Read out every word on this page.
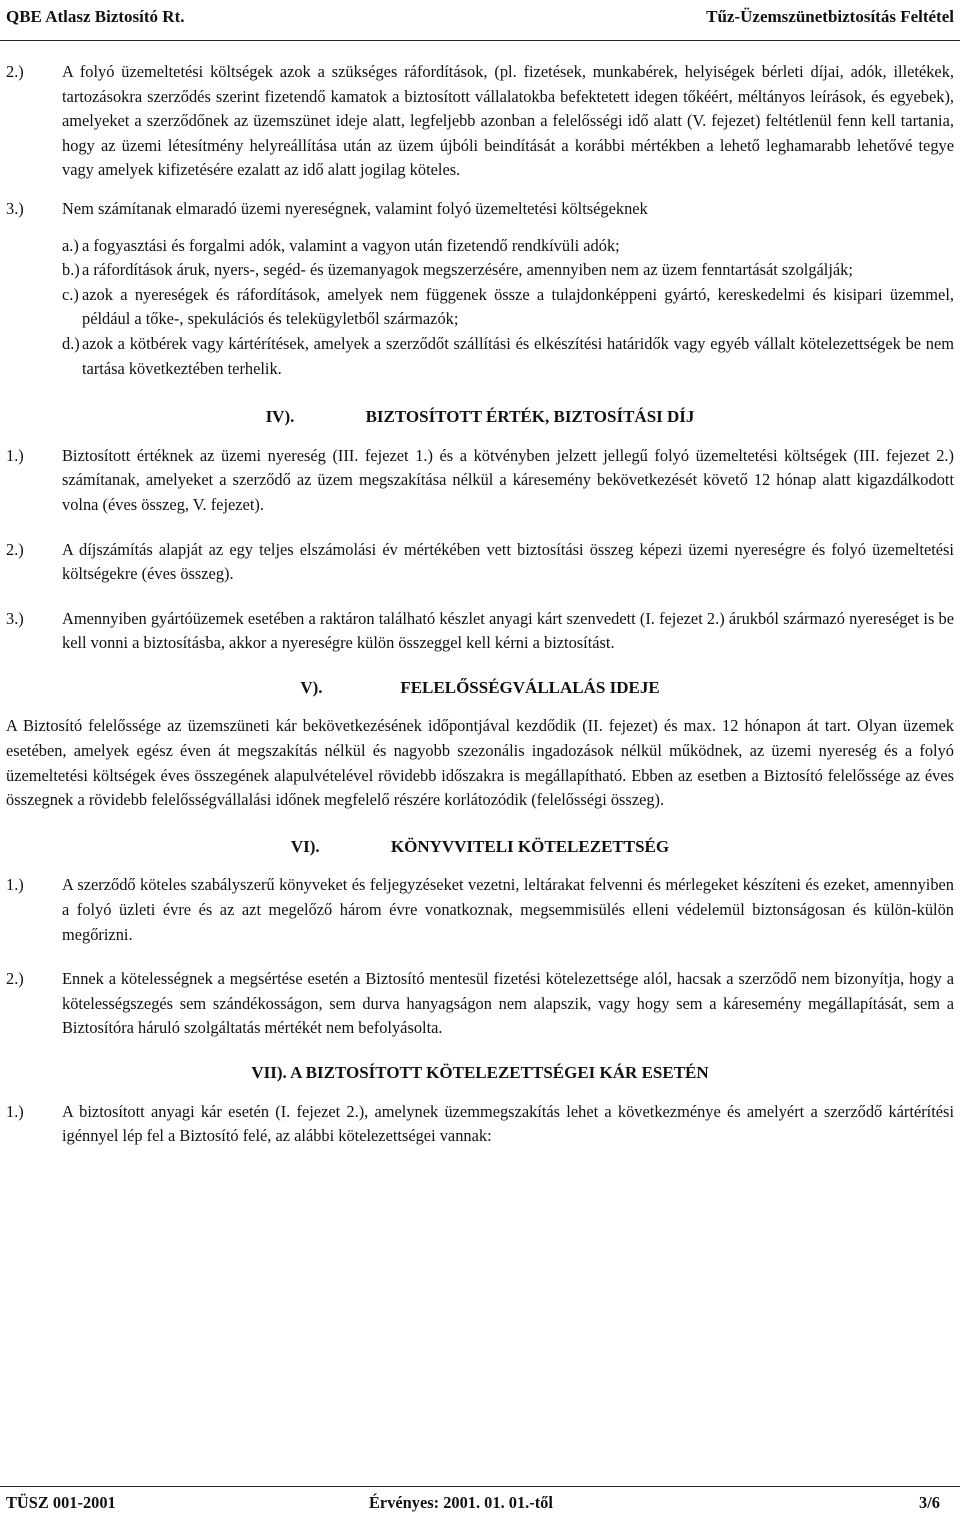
QBE Atlasz Biztosító Rt.	Tűz-Üzemszünetbiztosítás Feltétel
2.)	A folyó üzemeltetési költségek azok a szükséges ráfordítások, (pl. fizetések, munkabérek, helyiségek bérleti díjai, adók, illetékek, tartozásokra szerződés szerint fizetendő kamatok a biztosított vállalatokba befektetett idegen tőkéért, méltányos leírások, és egyebek), amelyeket a szerződőnek az üzemszünet ideje alatt, legfeljebb azonban a felelősségi idő alatt (V. fejezet) feltétlenül fenn kell tartania, hogy az üzemi létesítmény helyreállítása után az üzem újbóli beindítását a korábbi mértékben a lehető leghamarabb lehetővé tegye vagy amelyek kifizetésére ezalatt az idő alatt jogilag köteles.
3.)	Nem számítanak elmaradó üzemi nyereségnek, valamint folyó üzemeltetési költségeknek
a.) a fogyasztási és forgalmi adók, valamint a vagyon után fizetendő rendkívüli adók;
b.) a ráfordítások áruk, nyers-, segéd- és üzemanyagok megszerzésére, amennyiben nem az üzem fenntartását szolgálják;
c.) azok a nyereségek és ráfordítások, amelyek nem függenek össze a tulajdonképpeni gyártó, kereskedelmi és kisipari üzemmel, például a tőke-, spekulációs és telekügyletből származók;
d.) azok a kötbérek vagy kártérítések, amelyek a szerződőt szállítási és elkészítési határidők vagy egyéb vállalt kötelezettségek be nem tartása következtében terhelik.
IV).	BIZTOSÍTOTT ÉRTÉK, BIZTOSÍTÁSI DÍJ
1.)	Biztosított értéknek az üzemi nyereség (III. fejezet 1.) és a kötvényben jelzett jellegű folyó üzemeltetési költségek (III. fejezet 2.) számítanak, amelyeket a szerződő az üzem megszakítása nélkül a káresemény bekövetkezését követő 12 hónap alatt kigazdálkodott volna (éves összeg, V. fejezet).
2.)	A díjszámítás alapját az egy teljes elszámolási év mértékében vett biztosítási összeg képezi üzemi nyereségre és folyó üzemeltetési költségekre (éves összeg).
3.)	Amennyiben gyártóüzemek esetében a raktáron található készlet anyagi kárt szenvedett (I. fejezet 2.) árukból származó nyereséget is be kell vonni a biztosításba, akkor a nyereségre külön összeggel kell kérni a biztosítást.
V).	FELELŐSSÉGVÁLLALÁS IDEJE
A Biztosító felelőssége az üzemszüneti kár bekövetkezésének időpontjával kezdődik (II. fejezet) és max. 12 hónapon át tart. Olyan üzemek esetében, amelyek egész éven át megszakítás nélkül és nagyobb szezonális ingadozások nélkül működnek, az üzemi nyereség és a folyó üzemeltetési költségek éves összegének alapulvételével rövidebb időszakra is megállapítható. Ebben az esetben a Biztosító felelőssége az éves összegnek a rövidebb felelősségvállalási időnek megfelelő részére korlátozódik (felelősségi összeg).
VI).	KÖNYVVITELI KÖTELEZETTSÉG
1.)	A szerződő köteles szabályszerű könyveket és feljegyzéseket vezetni, leltárakat felvenni és mérlegeket készíteni és ezeket, amennyiben a folyó üzleti évre és az azt megelőző három évre vonatkoznak, megsemmisülés elleni védelemül biztonságosan és külön-külön megőrizni.
2.)	Ennek a kötelességnek a megsértése esetén a Biztosító mentesül fizetési kötelezettsége alól, hacsak a szerződő nem bizonyítja, hogy a kötelességszegés sem szándékosságon, sem durva hanyagságon nem alapszik, vagy hogy sem a káresemény megállapítását, sem a Biztosítóra háruló szolgáltatás mértékét nem befolyásolta.
VII). A BIZTOSÍTOTT KÖTELEZETTSÉGEI KÁR ESETÉN
1.)	A biztosított anyagi kár esetén (I. fejezet 2.), amelynek üzemmegszakítás lehet a következménye és amelyért a szerződő kártérítési igénnyel lép fel a Biztosító felé, az alábbi kötelezettségei vannak:
TÜSZ 001-2001	Érvényes: 2001. 01. 01.-től	3/6
